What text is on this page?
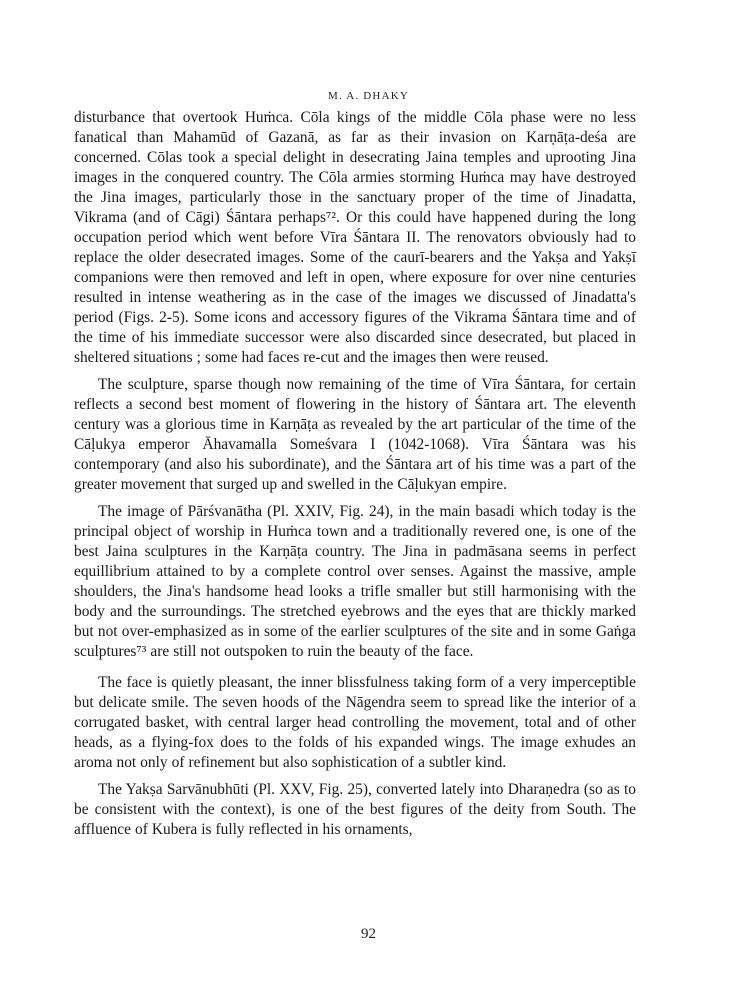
M. A. DHAKY

disturbance that overtook Huṁca. Cōla kings of the middle Cōla phase were no less fanatical than Mahamūd of Gazanā, as far as their invasion on Karṇāṭa-deśa are concerned. Cōlas took a special delight in desecrating Jaina temples and uprooting Jina images in the conquered country. The Cōla armies storming Huṁca may have destroyed the Jina images, particularly those in the sanctuary proper of the time of Jinadatta, Vikrama (and of Cāgi) Śāntara perhaps⁷². Or this could have happened during the long occupation period which went before Vīra Śāntara II. The renovators obviously had to replace the older desecrated images. Some of the caurī-bearers and the Yakṣa and Yakṣī companions were then removed and left in open, where exposure for over nine centuries resulted in intense weathering as in the case of the images we discussed of Jinadatta's period (Figs. 2-5). Some icons and accessory figures of the Vikrama Śāntara time and of the time of his immediate successor were also discarded since desecrated, but placed in sheltered situations ; some had faces re-cut and the images then were reused.

The sculpture, sparse though now remaining of the time of Vīra Śāntara, for certain reflects a second best moment of flowering in the history of Śāntara art. The eleventh century was a glorious time in Karṇāṭa as revealed by the art particular of the time of the Cāḷukya emperor Āhavamalla Someśvara I (1042-1068). Vīra Śāntara was his contemporary (and also his subordinate), and the Śāntara art of his time was a part of the greater movement that surged up and swelled in the Cāḷukyan empire.

The image of Pārśvanātha (Pl. XXIV, Fig. 24), in the main basadi which today is the principal object of worship in Huṁca town and a traditionally revered one, is one of the best Jaina sculptures in the Karṇāṭa country. The Jina in padmāsana seems in perfect equillibrium attained to by a complete control over senses. Against the massive, ample shoulders, the Jina's handsome head looks a trifle smaller but still harmonising with the body and the surroundings. The stretched eyebrows and the eyes that are thickly marked but not over-emphasized as in some of the earlier sculptures of the site and in some Gaṅga sculptures⁷³ are still not outspoken to ruin the beauty of the face.

The face is quietly pleasant, the inner blissfulness taking form of a very imperceptible but delicate smile. The seven hoods of the Nāgendra seem to spread like the interior of a corrugated basket, with central larger head controlling the movement, total and of other heads, as a flying-fox does to the folds of his expanded wings. The image exhudes an aroma not only of refinement but also sophistication of a subtler kind.

The Yakṣa Sarvānubhūti (Pl. XXV, Fig. 25), converted lately into Dharaṇedra (so as to be consistent with the context), is one of the best figures of the deity from South. The affluence of Kubera is fully reflected in his ornaments,

92
